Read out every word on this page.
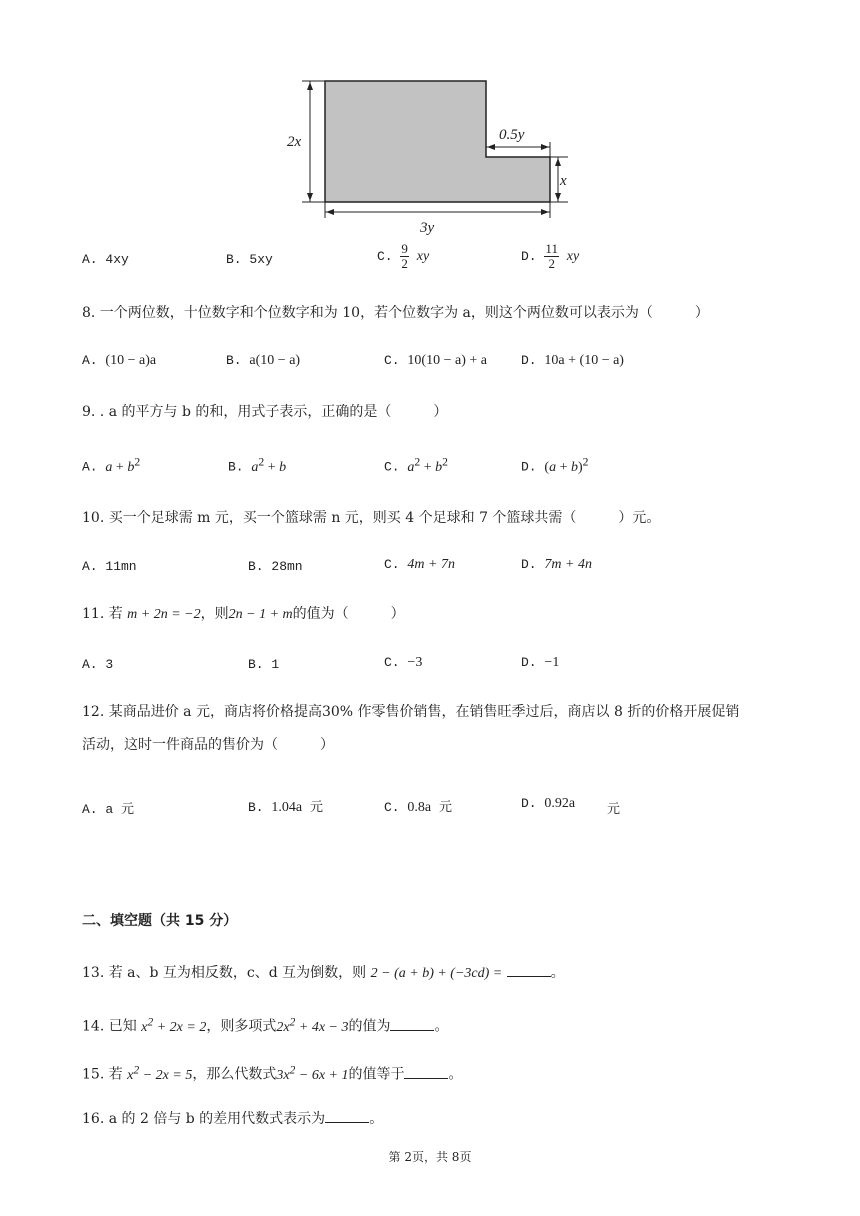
2x	0.5y
x
3y
A. 4xy	B. 5xy	C. $\frac{9}{2}$ xy	D. $\frac{11}{2}$ xy
8. 一个两位数，十位数字和个位数字和为 10，若个位数字为 a，则这个两位数可以表示为（　　　）
A. (10 − a)a	B. a(10 − a)	C. 10(10 − a) + a	D. 10a + (10 − a)
9. . a 的平方与 b 的和，用式子表示，正确的是（　　　）
A. $a + b^2$	B. $a^2 + b$	C. $a^2 + b^2$	D. $(a + b)^2$
10. 买一个足球需 m 元，买一个篮球需 n 元，则买 4 个足球和 7 个篮球共需（　　　）元。
A. 11mn	B. 28mn	C. 4m + 7n	D. 7m + 4n
11. 若 m + 2n = −2，则2n − 1 + m的值为（　　　）
A. 3	B. 1	C. −3	D. −1
12. 某商品进价 a 元，商店将价格提高30% 作零售价销售，在销售旺季过后，商店以 8 折的价格开展促销
活动，这时一件商品的售价为（　　　）
A. a 元	B. 1.04a 元	C. 0.8a 元	D. 0.92a 元
二、填空题（共 15 分）
13. 若 a、b 互为相反数，c、d 互为倒数，则 2 − (a + b) + (−3cd) =	。
14. 已知 $x^2 + 2x = 2$，则多项式$2x^2 + 4x - 3$的值为	。
15. 若 $x^2 - 2x = 5$，那么代数式$3x^2 - 6x + 1$的值等于	。
16. a 的 2 倍与 b 的差用代数式表示为	。
第 2页，共 8页
